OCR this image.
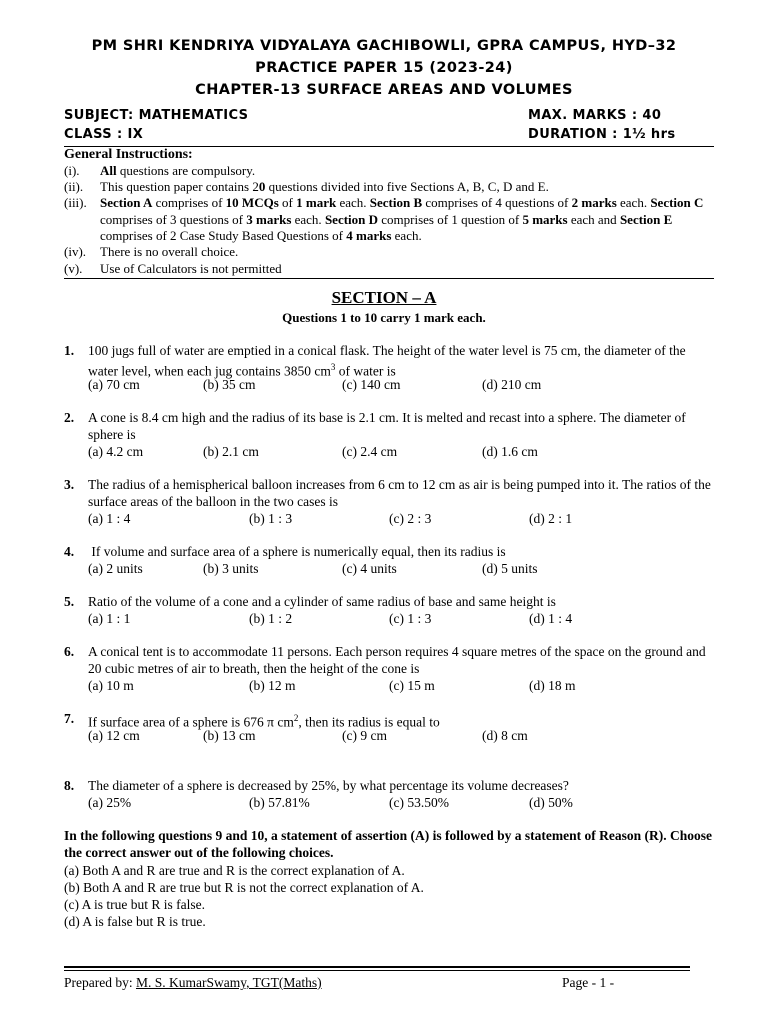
PM SHRI KENDRIYA VIDYALAYA GACHIBOWLI, GPRA CAMPUS, HYD–32
PRACTICE PAPER 15 (2023-24)
CHAPTER-13 SURFACE AREAS AND VOLUMES
SUBJECT: MATHEMATICS	MAX. MARKS : 40
CLASS : IX	DURATION : 1½ hrs
General Instructions:
(i). All questions are compulsory.
(ii). This question paper contains 20 questions divided into five Sections A, B, C, D and E.
(iii). Section A comprises of 10 MCQs of 1 mark each. Section B comprises of 4 questions of 2 marks each. Section C comprises of 3 questions of 3 marks each. Section D comprises of 1 question of 5 marks each and Section E comprises of 2 Case Study Based Questions of 4 marks each.
(iv). There is no overall choice.
(v). Use of Calculators is not permitted
SECTION – A
Questions 1 to 10 carry 1 mark each.
1. 100 jugs full of water are emptied in a conical flask. The height of the water level is 75 cm, the diameter of the water level, when each jug contains 3850 $cm^3$ of water is
(a) 70 cm	(b) 35 cm	(c) 140 cm	(d) 210 cm
2. A cone is 8.4 cm high and the radius of its base is 2.1 cm. It is melted and recast into a sphere. The diameter of sphere is
(a) 4.2 cm	(b) 2.1 cm	(c) 2.4 cm	(d) 1.6 cm
3. The radius of a hemispherical balloon increases from 6 cm to 12 cm as air is being pumped into it. The ratios of the surface areas of the balloon in the two cases is
(a) 1 : 4	(b) 1 : 3	(c) 2 : 3	(d) 2 : 1
4. If volume and surface area of a sphere is numerically equal, then its radius is
(a) 2 units	(b) 3 units	(c) 4 units	(d) 5 units
5. Ratio of the volume of a cone and a cylinder of same radius of base and same height is
(a) 1 : 1	(b) 1 : 2	(c) 1 : 3	(d) 1 : 4
6. A conical tent is to accommodate 11 persons. Each person requires 4 square metres of the space on the ground and 20 cubic metres of air to breath, then the height of the cone is
(a) 10 m	(b) 12 m	(c) 15 m	(d) 18 m
7. If surface area of a sphere is 676 π $cm^2$, then its radius is equal to
(a) 12 cm	(b) 13 cm	(c) 9 cm	(d) 8 cm
8. The diameter of a sphere is decreased by 25%, by what percentage its volume decreases?
(a) 25%	(b) 57.81%	(c) 53.50%	(d) 50%
In the following questions 9 and 10, a statement of assertion (A) is followed by a statement of Reason (R). Choose the correct answer out of the following choices.
(a) Both A and R are true and R is the correct explanation of A.
(b) Both A and R are true but R is not the correct explanation of A.
(c) A is true but R is false.
(d) A is false but R is true.
Prepared by: M. S. KumarSwamy, TGT(Maths)	Page - 1 -
